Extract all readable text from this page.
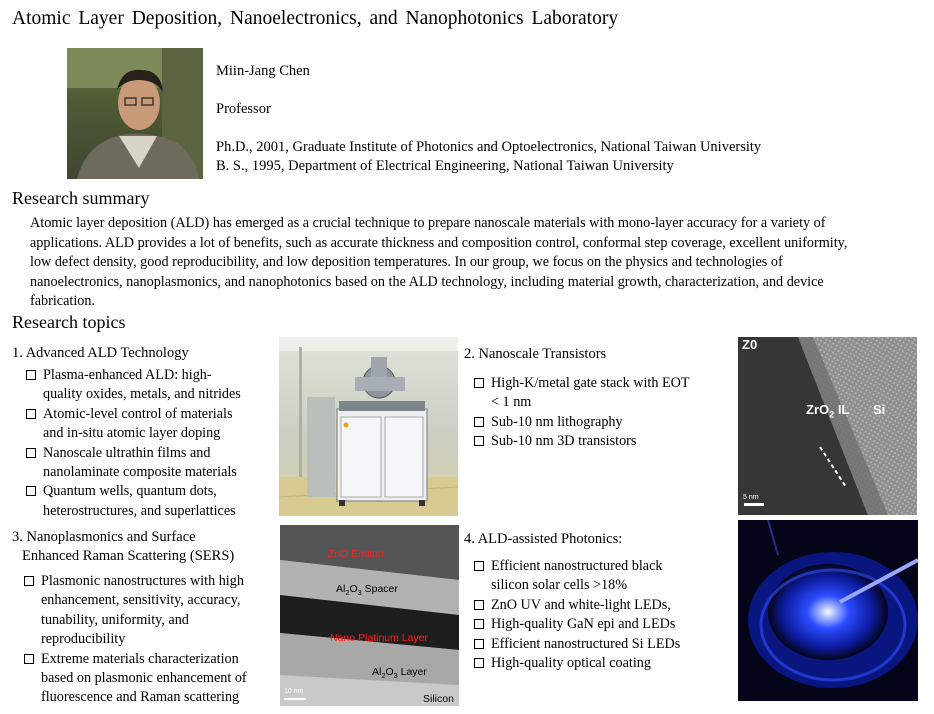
Atomic Layer Deposition, Nanoelectronics, and Nanophotonics Laboratory
Miin-Jang Chen
Professor
Ph.D., 2001, Graduate Institute of Photonics and Optoelectronics, National Taiwan University
B. S., 1995, Department of Electrical Engineering, National Taiwan University
Research summary
Atomic layer deposition (ALD) has emerged as a crucial technique to prepare nanoscale materials with mono-layer accuracy for a variety of applications. ALD provides a lot of benefits, such as accurate thickness and composition control, conformal step coverage, excellent uniformity, low defect density, good reproducibility, and low deposition temperatures. In our group, we focus on the physics and technologies of nanoelectronics, nanoplasmonics, and nanophotonics based on the ALD technology, including material growth, characterization, and device fabrication.
Research topics
1. Advanced ALD Technology
Plasma-enhanced ALD: high-
quality oxides, metals, and nitrides
Atomic-level control of materials
and in-situ atomic layer doping
Nanoscale ultrathin films and
nanolaminate composite materials
Quantum wells, quantum dots,
heterostructures, and superlattices
2. Nanoscale Transistors
High-K/metal gate stack with EOT
< 1 nm
Sub-10 nm lithography
Sub-10 nm 3D transistors
Z0
ZrO$_2$ IL Si
5 nm
3. Nanoplasmonics and Surface
Enhanced Raman Scattering (SERS)
Plasmonic nanostructures with high
enhancement, sensitivity, accuracy,
tunability, uniformity, and
reproducibility
Extreme materials characterization
based on plasmonic enhancement of
fluorescence and Raman scattering
ZnO Emitter
$Al_2O_3$ Spacer
Nano Platinum Layer
$Al_2O_3$ Layer
Silicon
10 nm
4. ALD-assisted Photonics:
Efficient nanostructured black
silicon solar cells >18%
ZnO UV and white-light LEDs,
High-quality GaN epi and LEDs
Efficient nanostructured Si LEDs
High-quality optical coating
